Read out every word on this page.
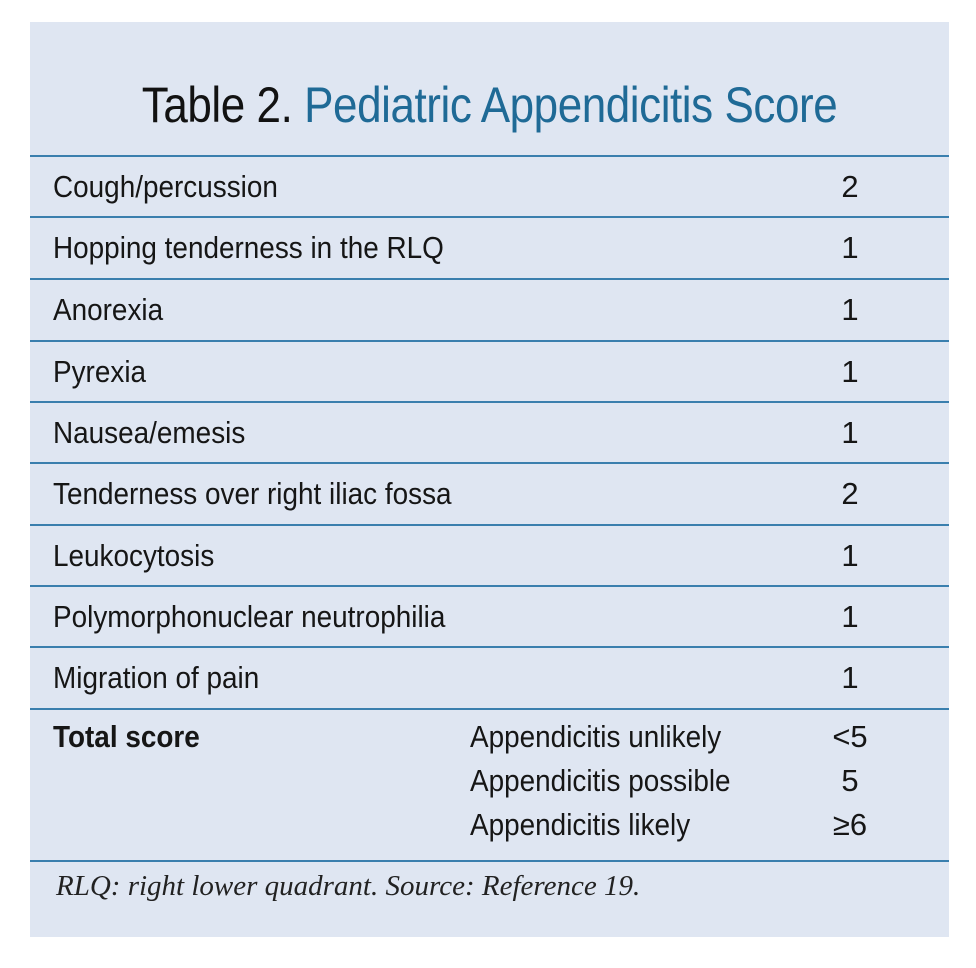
Table 2. Pediatric Appendicitis Score
Cough/percussion	2
Hopping tenderness in the RLQ	1
Anorexia	1
Pyrexia	1
Nausea/emesis	1
Tenderness over right iliac fossa	2
Leukocytosis	1
Polymorphonuclear neutrophilia	1
Migration of pain	1
Total score	Appendicitis unlikely	<5
Appendicitis possible	5
Appendicitis likely	≥6
RLQ: right lower quadrant. Source: Reference 19.
